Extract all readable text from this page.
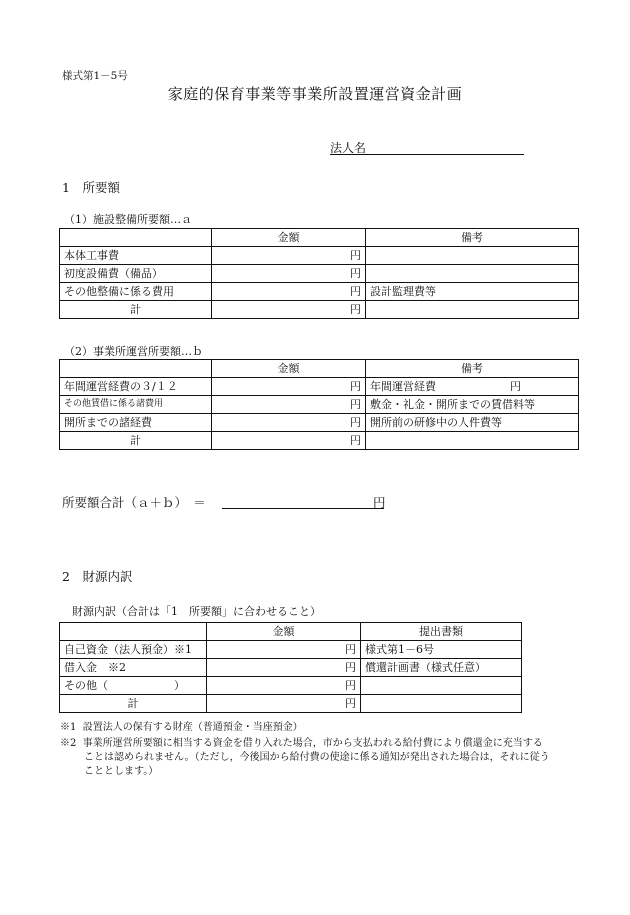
様式第1－5号
家庭的保育事業等事業所設置運営資金計画
法人名
1　所要額
（1）施設整備所要額…ａ
	金額	備考
本体工事費	円	
初度設備費（備品）	円	
その他整備に係る費用	円	設計監理費等
計	円	
（2）事業所運営所要額…ｂ
	金額	備考
年間運営経費の３/１２	円	年間運営経費 円
その他賃借に係る諸費用	円	敷金・礼金・開所までの賃借料等
開所までの諸経費	円	開所前の研修中の人件費等
計	円	
所要額合計（ａ＋ｂ）　＝	円
2　財源内訳
財源内訳（合計は「1　所要額」に合わせること）
	金額	提出書類
自己資金（法人預金）※1	円	様式第1－6号
借入金　※2	円	償還計画書（様式任意）
その他（　　　　　　）	円	
計	円	
※1 設置法人の保有する財産（普通預金・当座預金）
※2 事業所運営所要額に相当する資金を借り入れた場合，市から支払われる給付費により償還金に充当する
ことは認められません。（ただし，今後国から給付費の使途に係る通知が発出された場合は，それに従う
こととします。）
